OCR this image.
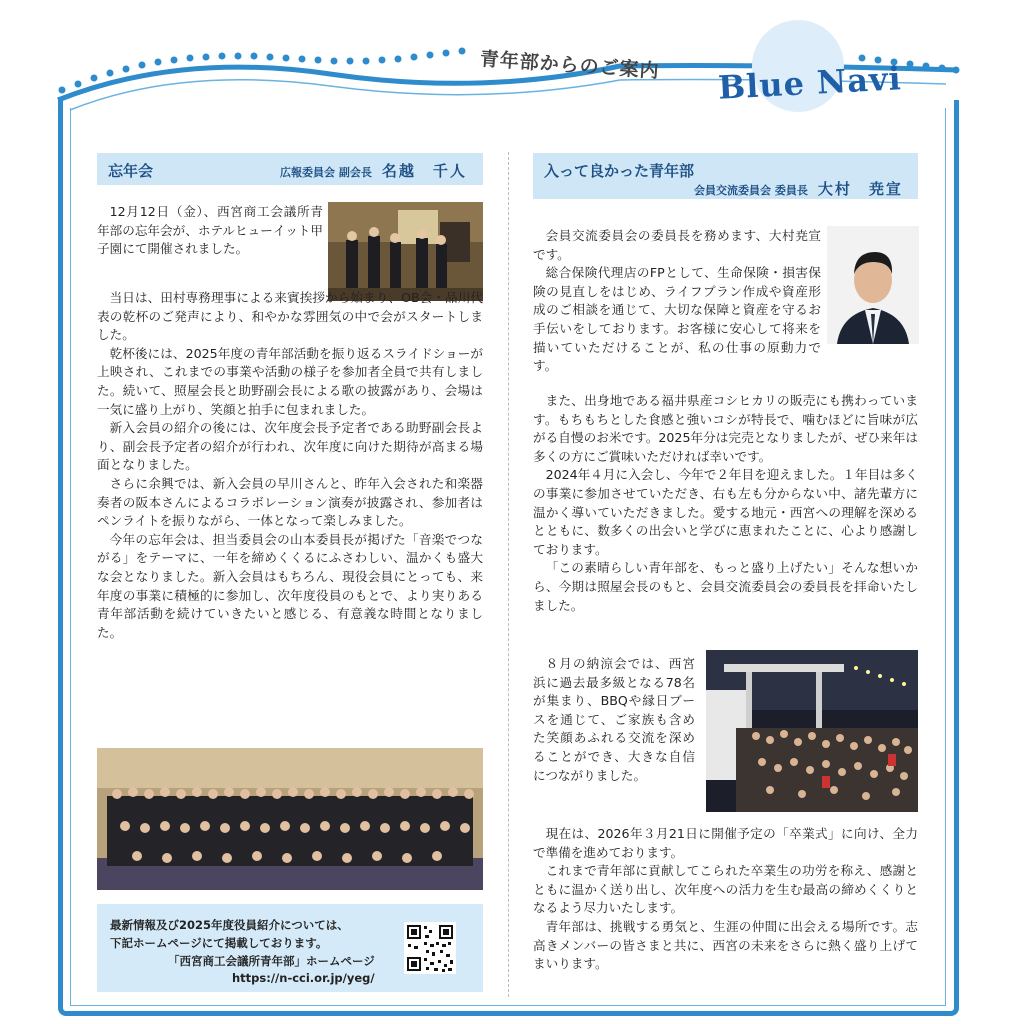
青年部からのご案内 Blue Navi
忘年会	広報委員会 副会長 名越　千人

12月12日（金）、西宮商工会議所青年部の忘年会が、ホテルヒューイット甲子園にて開催されました。

当日は、田村専務理事による来賓挨拶から始まり、OB会・品川代表の乾杯のご発声により、和やかな雰囲気の中で会がスタートしました。

乾杯後には、2025年度の青年部活動を振り返るスライドショーが上映され、これまでの事業や活動の様子を参加者全員で共有しました。続いて、照屋会長と助野副会長による歌の披露があり、会場は一気に盛り上がり、笑顔と拍手に包まれました。

新入会員の紹介の後には、次年度会長予定者である助野副会長より、副会長予定者の紹介が行われ、次年度に向けた期待が高まる場面となりました。

さらに余興では、新入会員の早川さんと、昨年入会された和楽器奏者の阪本さんによるコラボレーション演奏が披露され、参加者はペンライトを振りながら、一体となって楽しみました。

今年の忘年会は、担当委員会の山本委員長が掲げた「音楽でつながる」をテーマに、一年を締めくくるにふさわしい、温かくも盛大な会となりました。新入会員はもちろん、現役会員にとっても、来年度の事業に積極的に参加し、次年度役員のもとで、より実りある青年部活動を続けていきたいと感じる、有意義な時間となりました。

最新情報及び2025年度役員紹介については、
下記ホームページにて掲載しております。
「西宮商工会議所青年部」ホームページ
https://n-cci.or.jp/yeg/
入って良かった青年部
会員交流委員会 委員長 大村　尭宣

会員交流委員会の委員長を務めます、大村尭宣です。

総合保険代理店のFPとして、生命保険・損害保険の見直しをはじめ、ライフプラン作成や資産形成のご相談を通じて、大切な保障と資産を守るお手伝いをしております。お客様に安心して将来を描いていただけることが、私の仕事の原動力です。

また、出身地である福井県産コシヒカリの販売にも携わっています。もちもちとした食感と強いコシが特長で、噛むほどに旨味が広がる自慢のお米です。2025年分は完売となりましたが、ぜひ来年は多くの方にご賞味いただければ幸いです。

2024年４月に入会し、今年で２年目を迎えました。１年目は多くの事業に参加させていただき、右も左も分からない中、諸先輩方に温かく導いていただきました。愛する地元・西宮への理解を深めるとともに、数多くの出会いと学びに恵まれたことに、心より感謝しております。

「この素晴らしい青年部を、もっと盛り上げたい」そんな想いから、今期は照屋会長のもと、会員交流委員会の委員長を拝命いたしました。

８月の納涼会では、西宮浜に過去最多級となる78名が集まり、BBQや縁日ブースを通じて、ご家族も含めた笑顔あふれる交流を深めることができ、大きな自信につながりました。

現在は、2026年３月21日に開催予定の「卒業式」に向け、全力で準備を進めております。

これまで青年部に貢献してこられた卒業生の功労を称え、感謝とともに温かく送り出し、次年度への活力を生む最高の締めくくりとなるよう尽力いたします。

青年部は、挑戦する勇気と、生涯の仲間に出会える場所です。志高きメンバーの皆さまと共に、西宮の未来をさらに熱く盛り上げてまいります。
